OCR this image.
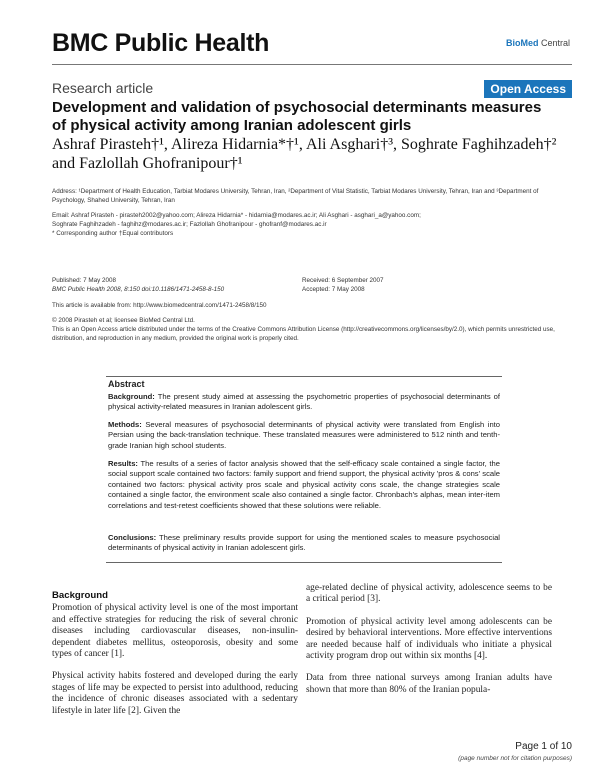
BMC Public Health	BioMed Central
Research article	Open Access
Development and validation of psychosocial determinants measures of physical activity among Iranian adolescent girls
Ashraf Pirasteh†¹, Alireza Hidarnia*†¹, Ali Asghari†³, Soghrate Faghihzadeh†² and Fazlollah Ghofranipour†¹
Address: ¹Department of Health Education, Tarbiat Modares University, Tehran, Iran, ²Department of Vital Statistic, Tarbiat Modares University, Tehran, Iran and ³Department of Psychology, Shahed University, Tehran, Iran
Email: Ashraf Pirasteh - pirasteh2002@yahoo.com; Alireza Hidarnia* - hidarnia@modares.ac.ir; Ali Asghari - asghari_a@yahoo.com;
Soghrate Faghihzadeh - faghihz@modares.ac.ir; Fazlollah Ghofranipour - ghofranf@modares.ac.ir
* Corresponding author †Equal contributors
Published: 7 May 2008
BMC Public Health 2008, 8:150 doi:10.1186/1471-2458-8-150
Received: 6 September 2007
Accepted: 7 May 2008
This article is available from: http://www.biomedcentral.com/1471-2458/8/150
© 2008 Pirasteh et al; licensee BioMed Central Ltd.
This is an Open Access article distributed under the terms of the Creative Commons Attribution License (http://creativecommons.org/licenses/by/2.0), which permits unrestricted use, distribution, and reproduction in any medium, provided the original work is properly cited.
Abstract
Background: The present study aimed at assessing the psychometric properties of psychosocial determinants of physical activity-related measures in Iranian adolescent girls.
Methods: Several measures of psychosocial determinants of physical activity were translated from English into Persian using the back-translation technique. These translated measures were administered to 512 ninth and tenth-grade Iranian high school students.
Results: The results of a series of factor analysis showed that the self-efficacy scale contained a single factor, the social support scale contained two factors: family support and friend support, the physical activity 'pros & cons' scale contained two factors: physical activity pros scale and physical activity cons scale, the change strategies scale contained a single factor, the environment scale also contained a single factor. Chronbach's alphas, mean inter-item correlations and test-retest coefficients showed that these solutions were reliable.
Conclusions: These preliminary results provide support for using the mentioned scales to measure psychosocial determinants of physical activity in Iranian adolescent girls.
Background

Promotion of physical activity level is one of the most important and effective strategies for reducing the risk of several chronic diseases including cardiovascular diseases, non-insulin-dependent diabetes mellitus, osteoporosis, obesity and some types of cancer [1].

Physical activity habits fostered and developed during the early stages of life may be expected to persist into adulthood, reducing the incidence of chronic diseases associated with a sedentary lifestyle in later life [2]. Given the

age-related decline of physical activity, adolescence seems to be a critical period [3].

Promotion of physical activity level among adolescents can be desired by behavioral interventions. More effective interventions are needed because half of individuals who initiate a physical activity program drop out within six months [4].

Data from three national surveys among Iranian adults have shown that more than 80% of the Iranian popula-

Page 1 of 10
(page number not for citation purposes)
